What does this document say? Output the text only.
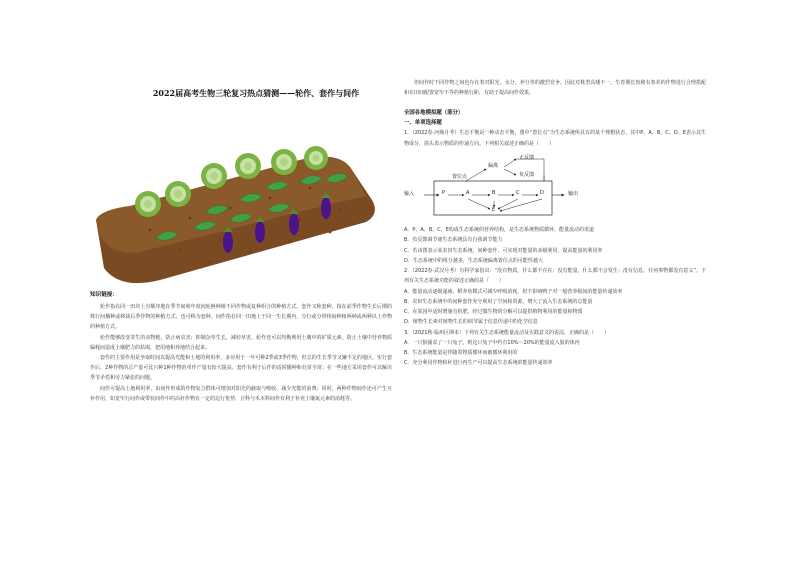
2022届高考生物三轮复习热点猜测——轮作、套作与间作
知识链接：

轮作指在同一田块上有顺序地在季节间和年度间轮换种植不同作物或复种组合的种植方式。套作又称套种，指在前季作物生长后期的株行间播种或移栽后季作物的种植方式，也可称为套种。间作指在同一田地上于同一生长期内，分行或分带相间种植两种或两种以上作物的种植方式。

轮作能够改变寄生的食物链，防止病虫害；抑制杂草生长，减轻草害。轮作还可以均衡利用土壤中的矿质元素，防止土壤中营养物质偏耗而造成土壤肥力的枯竭，把用地和养地结合起来。

套作的主要作用是争取时间以提高光能和土地的利用率，多应用于一年可种2季或3季作物，但总的生长季节又嫌不足的地区。实行套作后，2种作物的总产量可比只种1种作物的单作产量有较大提高。套作有利于后作的适时播种和壮苗全苗；在一些地方采用套作可以解决季节矛盾和劳力紧张的问题。

间作可提高土地利用率，由间作形成的作物复合群体可增加对阳光的截取与吸收，减少光能的浪费；同时，两种作物间作还可产生互补作用，如宽窄行间作或带状间作中的高秆作物有一定的边行优势、豆科与禾本科间作有利于补充土壤氮元素的消耗等。

但间作时不同作物之间也存在着对阳光、水分、养分等的激烈竞争。因此对株型高矮不一、生育期长短稍有参差的作物进行合理搭配和在田间配置宽窄不等的种植行距，有助于提高间作效果。

全国各地模拟题（部分）
一、单项选择题

1．（2022春·河城月考）生态平衡是一种动态平衡，图中“置位点”为生态系统所具有的某个理想状态，其中P、A、B、C、D、E表示其生物成分，箭头表示物质的传递方向。下列相关叙述正确的是（　　）

输入	输出
置位点
偏离
正反馈
负反馈
P	A	B	C	D
E
A．P、A、B、C、E构成生态系统的营养结构，是生态系统物质循环、能量流动的渠道
B．负反馈调节使生态系统具有自我调节能力
C．若该图表示某农田生态系统，间种套作，可实现对能量的多级利用，提高能量的利用率
D．生态系统中的组分越多，生态系统偏离置位点的可能性越大

2．（2022春·武汉月考）有科学家指出：“没有物质，什么都不存在；没有能量，什么都不会发生；没有信息，任何事物都没有意义”。下列有关生态系统功能的叙述正确的是（　　）

A．能量流动逐级递减，稻养鱼模式可减少呼吸消耗，但不影响鸭子对一般营养级间的能量传递效率
B．农田生态系统中的间种套作充分利用了空间和资源，增大了流入生态系统的总能量
C．在果园中适时增施有机肥，经过微生物的分解可以提供植物利用的能量和物质
D．植物生长素对植物生长的调节属于信息传递中的化学信息

3．（2021秋·临州区期末）下列有关生态系统能量流动及实践意义的说法，正确的是（　　）

A．一只狼捕食了一只兔子，则这只兔子中约有10%～20%的能量流入狼的体内
B．生态系统能量是伴随着物质循环而被循环利用的
C．充分利用作物秸秆进行再生产可以提高生态系统的能量传递效率
